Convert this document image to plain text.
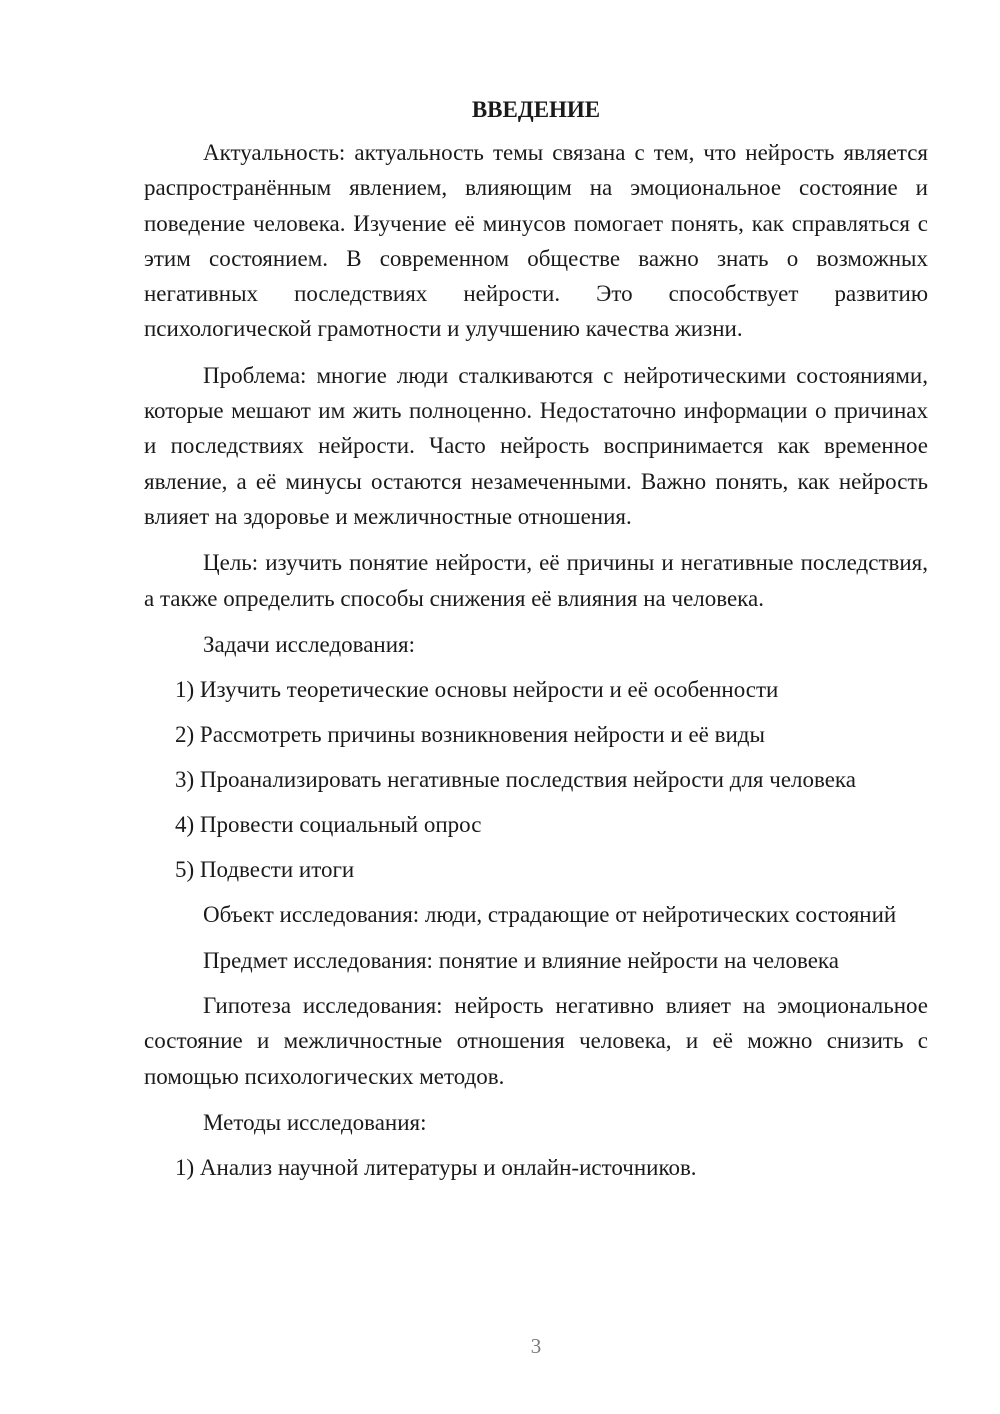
ВВЕДЕНИЕ

Актуальность: актуальность темы связана с тем, что нейрость является распространённым явлением, влияющим на эмоциональное состояние и поведение человека. Изучение её минусов помогает понять, как справляться с этим состоянием. В современном обществе важно знать о возможных негативных последствиях нейрости. Это способствует развитию психологической грамотности и улучшению качества жизни.

Проблема: многие люди сталкиваются с нейротическими состояниями, которые мешают им жить полноценно. Недостаточно информации о причинах и последствиях нейрости. Часто нейрость воспринимается как временное явление, а её минусы остаются незамеченными. Важно понять, как нейрость влияет на здоровье и межличностные отношения.

Цель: изучить понятие нейрости, её причины и негативные последствия, а также определить способы снижения её влияния на человека.

Задачи исследования:

1) Изучить теоретические основы нейрости и её особенности
2) Рассмотреть причины возникновения нейрости и её виды
3) Проанализировать негативные последствия нейрости для человека
4) Провести социальный опрос
5) Подвести итоги

Объект исследования: люди, страдающие от нейротических состояний

Предмет исследования: понятие и влияние нейрости на человека

Гипотеза исследования: нейрость негативно влияет на эмоциональное состояние и межличностные отношения человека, и её можно снизить с помощью психологических методов.

Методы исследования:

1) Анализ научной литературы и онлайн-источников.
3
